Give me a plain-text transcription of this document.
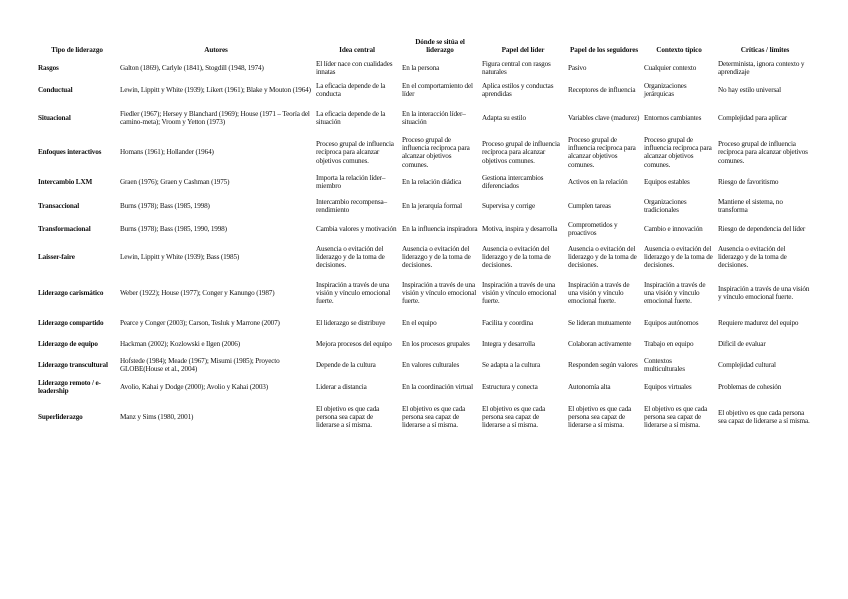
Tipo de liderazgo	Autores	Idea central	Dónde se sitúa el liderazgo	Papel del líder	Papel de los seguidores	Contexto típico	Críticas / límites
Rasgos	Galton (1869), Carlyle (1841), Stogdill (1948, 1974)	El líder nace con cualidades innatas	En la persona	Figura central con rasgos naturales	Pasivo	Cualquier contexto	Determinista, ignora contexto y aprendizaje
Conductual	Lewin, Lippitt y White (1939); Likert (1961); Blake y Mouton (1964)	La eficacia depende de la conducta	En el comportamiento del líder	Aplica estilos y conductas aprendidas	Receptores de influencia	Organizaciones jerárquicas	No hay estilo universal
Situacional	Fiedler (1967); Hersey y Blanchard (1969); House (1971 – Teoría del camino-meta); Vroom y Yetton (1973)	La eficacia depende de la situación	En la interacción líder–situación	Adapta su estilo	Variables clave (madurez)	Entornos cambiantes	Complejidad para aplicar
Enfoques interactivos	Homans (1961); Hollander (1964)	Proceso grupal de influencia recíproca para alcanzar objetivos comunes.	Proceso grupal de influencia recíproca para alcanzar objetivos comunes.	Proceso grupal de influencia recíproca para alcanzar objetivos comunes.	Proceso grupal de influencia recíproca para alcanzar objetivos comunes.	Proceso grupal de influencia recíproca para alcanzar objetivos comunes.	Proceso grupal de influencia recíproca para alcanzar objetivos comunes.
Intercambio LXM	Graen (1976); Graen y Cashman (1975)	Importa la relación líder–miembro	En la relación diádica	Gestiona intercambios diferenciados	Activos en la relación	Equipos estables	Riesgo de favoritismo
Transaccional	Burns (1978); Bass (1985, 1998)	Intercambio recompensa–rendimiento	En la jerarquía formal	Supervisa y corrige	Cumplen tareas	Organizaciones tradicionales	Mantiene el sistema, no transforma
Transformacional	Burns (1978); Bass (1985, 1990, 1998)	Cambia valores y motivación	En la influencia inspiradora	Motiva, inspira y desarrolla	Comprometidos y proactivos	Cambio e innovación	Riesgo de dependencia del líder
Laisser-faire	Lewin, Lippitt y White (1939); Bass (1985)	Ausencia o evitación del liderazgo y de la toma de decisiones.	Ausencia o evitación del liderazgo y de la toma de decisiones.	Ausencia o evitación del liderazgo y de la toma de decisiones.	Ausencia o evitación del liderazgo y de la toma de decisiones.	Ausencia o evitación del liderazgo y de la toma de decisiones.	Ausencia o evitación del liderazgo y de la toma de decisiones.
Liderazgo carismático	Weber (1922); House (1977); Conger y Kanungo (1987)	Inspiración a través de una visión y vínculo emocional fuerte.	Inspiración a través de una visión y vínculo emocional fuerte.	Inspiración a través de una visión y vínculo emocional fuerte.	Inspiración a través de una visión y vínculo emocional fuerte.	Inspiración a través de una visión y vínculo emocional fuerte.	Inspiración a través de una visión y vínculo emocional fuerte.
Liderazgo compartido	Pearce y Conger (2003); Carson, Tesluk y Marrone (2007)	El liderazgo se distribuye	En el equipo	Facilita y coordina	Se lideran mutuamente	Equipos autónomos	Requiere madurez del equipo
Liderazgo de equipo	Hackman (2002); Kozlowski e Ilgen (2006)	Mejora procesos del equipo	En los procesos grupales	Integra y desarrolla	Colaboran activamente	Trabajo en equipo	Difícil de evaluar
Liderazgo transcultural	Hofstede (1984); Meade (1967); Misumi (1985); Proyecto GLOBE(House et al., 2004)	Depende de la cultura	En valores culturales	Se adapta a la cultura	Responden según valores	Contextos multiculturales	Complejidad cultural
Liderazgo remoto / e-leadership	Avolio, Kahai y Dodge (2000); Avolio y Kahai (2003)	Liderar a distancia	En la coordinación virtual	Estructura y conecta	Autonomía alta	Equipos virtuales	Problemas de cohesión
Superliderazgo	Manz y Sims (1980, 2001)	El objetivo es que cada persona sea capaz de liderarse a sí misma.	El objetivo es que cada persona sea capaz de liderarse a sí misma.	El objetivo es que cada persona sea capaz de liderarse a sí misma.	El objetivo es que cada persona sea capaz de liderarse a sí misma.	El objetivo es que cada persona sea capaz de liderarse a sí misma.	El objetivo es que cada persona sea capaz de liderarse a sí misma.
